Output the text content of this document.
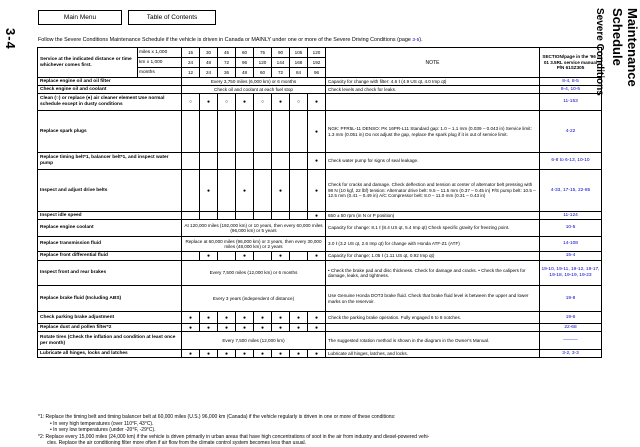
Main Menu	Table of Contents
3-4	Maintenance Schedule
Severe Conditions
Follow the Severe Conditions Maintenance Schedule if the vehicle is driven in Canada or MAINLY under one or more of the Severe Driving Conditions (page 3-5).
Service at the indicated distance or time whichever comes first.	miles x 1,000	15	30	45	60	75	90	105	120	NOTE	SECTION/page in the '96 - 01 3.5RL service manual P/N 61SZ305
	km x 1,000	24	48	72	96	120	144	168	192		
	months	12	24	36	48	60	72	84	96		
Replace engine oil and oil filter		Every 3,750 miles (6,000 km) or 6 months								Capacity for change with filter: 4.6 ℓ (4.9 US qt, 4.0 Imp qt)	8-4, 8-5
Check engine oil and coolant		Check oil and coolant at each fuel stop								Check levels and check for leaks.	8-4, 10-5
Clean (○) or replace (●) air cleaner element Use normal schedule except in dusty conditions		○	●	○	●	○	●	○	●		11-153
Replace spark plugs									●	NGK: PFR5L-11 DENSO: PK 16PR-L11 Standard gap: 1.0 – 1.1 mm (0.039 – 0.043 in) Service limit: 1.3 mm (0.051 in) Do not adjust the gap, replace the spark plug if it is out of service limit.	4-22
Replace timing belt*1, balancer belt*1, and inspect water pump									●	Check water pump for signs of seal leakage.	6-8 to 6-13, 10-10
Inspect and adjust drive belts			●		●		●		●	Check for cracks and damage. Check deflection and tension at center of alternator belt pressing with 98 N (10 kgf, 22 lbf) tension: Alternator drive belt: 9.5 – 11.5 mm (0.37 – 0.45 in) P/S pump belt: 10.5 – 12.5 mm (0.41 – 0.49 in) A/C Compressor belt: 8.0 – 11.0 mm (0.31 – 0.43 in)	4-33, 17-15, 22-85
Inspect idle speed									●	650 ± 50 rpm (in N or P position)	11-124
Replace engine coolant		At 120,000 miles (192,000 km) or 10 years, then every 60,000 miles (96,000 km) or 5 years								Capacity for change: 8.1 ℓ (8.4 US qt, 5.4 Imp qt) Check specific gravity for freezing point.	10-5
Replace transmission fluid		Replace at 60,000 miles (96,000 km) or 3 years, then every 30,000 miles (48,000 km) or 2 years								3.0 ℓ (3.2 US qt, 2.6 Imp qt) for change with Honda ATF-Z1 (ATF)	14-108
Replace front differential fluid			●		●		●		●	Capacity for change; 1.05 ℓ (1.11 US qt, 0.92 Imp qt)	15-4
Inspect front and rear brakes		Every 7,500 miles (12,000 km) or 6 months								• Check the brake pad and disc thickness. Check for damage and cracks. • Check the calipers for damage, leaks, and tightness.	19-10, 19-11, 19-12, 19-17, 19-18, 19-19, 19-23
Replace brake fluid (Including ABS)		Every 3 years (independent of distance)								Use Genuine Honda DOT3 brake fluid. Check that brake fluid level is between the upper and lower marks on the reservoir.	19-8
Check parking brake adjustment		●	●	●	●	●	●	●	●	Check the parking brake operation. Fully engaged 6 to 8 notches.	19-6
Replace dust and pollen filter*2		●	●	●	●	●	●	●	●		22-68
Rotate tires (Check the inflation and condition at least once per month)		Every 7,500 miles (12,000 km)								The suggested rotation method is shown in the diagram in the Owner's Manual.	———
Lubricate all hinges, locks and latches		●	●	●	●	●	●	●	●	Lubricate all hinges, latches, and locks.	3-2, 3-3
*1: Replace the timing belt and timing balancer belt at 60,000 miles (U.S.) 96,000 km (Canada) if the vehicle regularly is driven in one or more of these conditions:
• In very high temperatures (over 110°F, 43°C).
• In very low temperatures (under -20°F, -29°C).
*2: Replace every 15,000 miles (24,000 km) if the vehicle is driven primarily in urban areas that have high concentrations of soot in the air from industry and diesel-powered vehi-
cles. Replace the air conditioning filter more often if air flow from the climate control system becomes less than usual.
